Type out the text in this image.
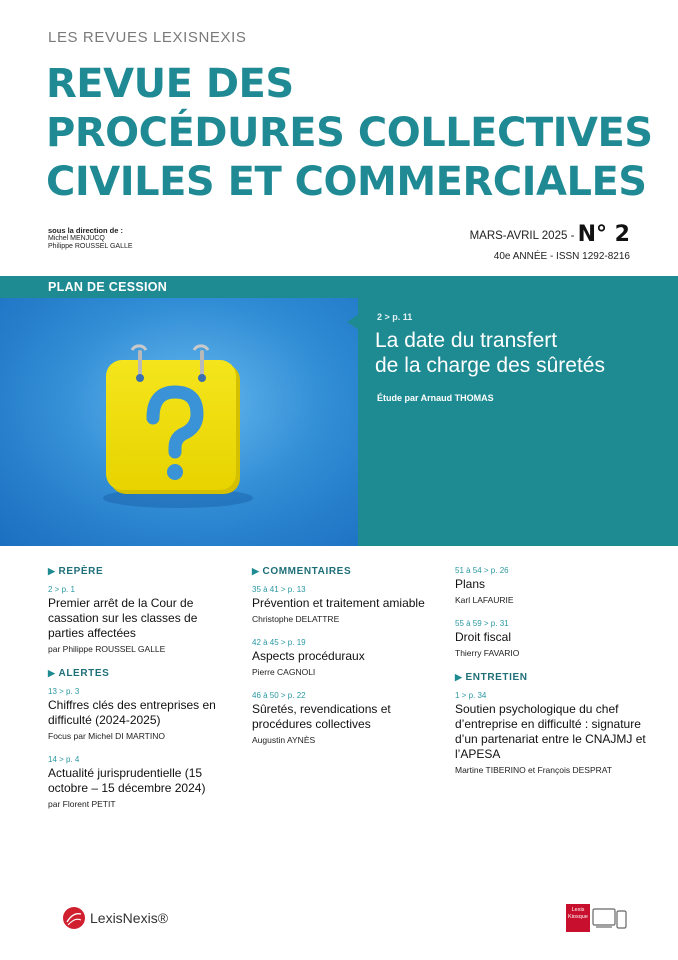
LES REVUES LEXISNEXIS
REVUE DES
PROCÉDURES COLLECTIVES
CIVILES ET COMMERCIALES
sous la direction de :
Michel MENJUCQ
Philippe ROUSSEL GALLE
MARS-AVRIL 2025 - N° 2
40e ANNÉE - ISSN 1292-8216
PLAN DE CESSION
2 > p. 11
La date du transfert
de la charge des sûretés
Étude par Arnaud THOMAS
▶ REPÈRE
2 > p. 1
Premier arrêt de la Cour de cassation sur les classes de parties affectées
par Philippe ROUSSEL GALLE
▶ ALERTES
13 > p. 3
Chiffres clés des entreprises en difficulté (2024-2025)
Focus par Michel DI MARTINO
14 > p. 4
Actualité jurisprudentielle (15 octobre – 15 décembre 2024)
par Florent PETIT
▶ COMMENTAIRES
35 à 41 > p. 13
Prévention et traitement amiable
Christophe DELATTRE
42 à 45 > p. 19
Aspects procéduraux
Pierre CAGNOLI
46 à 50 > p. 22
Sûretés, revendications et procédures collectives
Augustin AYNÈS
51 à 54 > p. 26
Plans
Karl LAFAURIE
55 à 59 > p. 31
Droit fiscal
Thierry FAVARIO
▶ ENTRETIEN
1 > p. 34
Soutien psychologique du chef d’entreprise en difficulté : signature d’un partenariat entre le CNAJMJ et l’APESA
Martine TIBERINO et François DESPRAT
LexisNexis®	Lexis
Kiosque
